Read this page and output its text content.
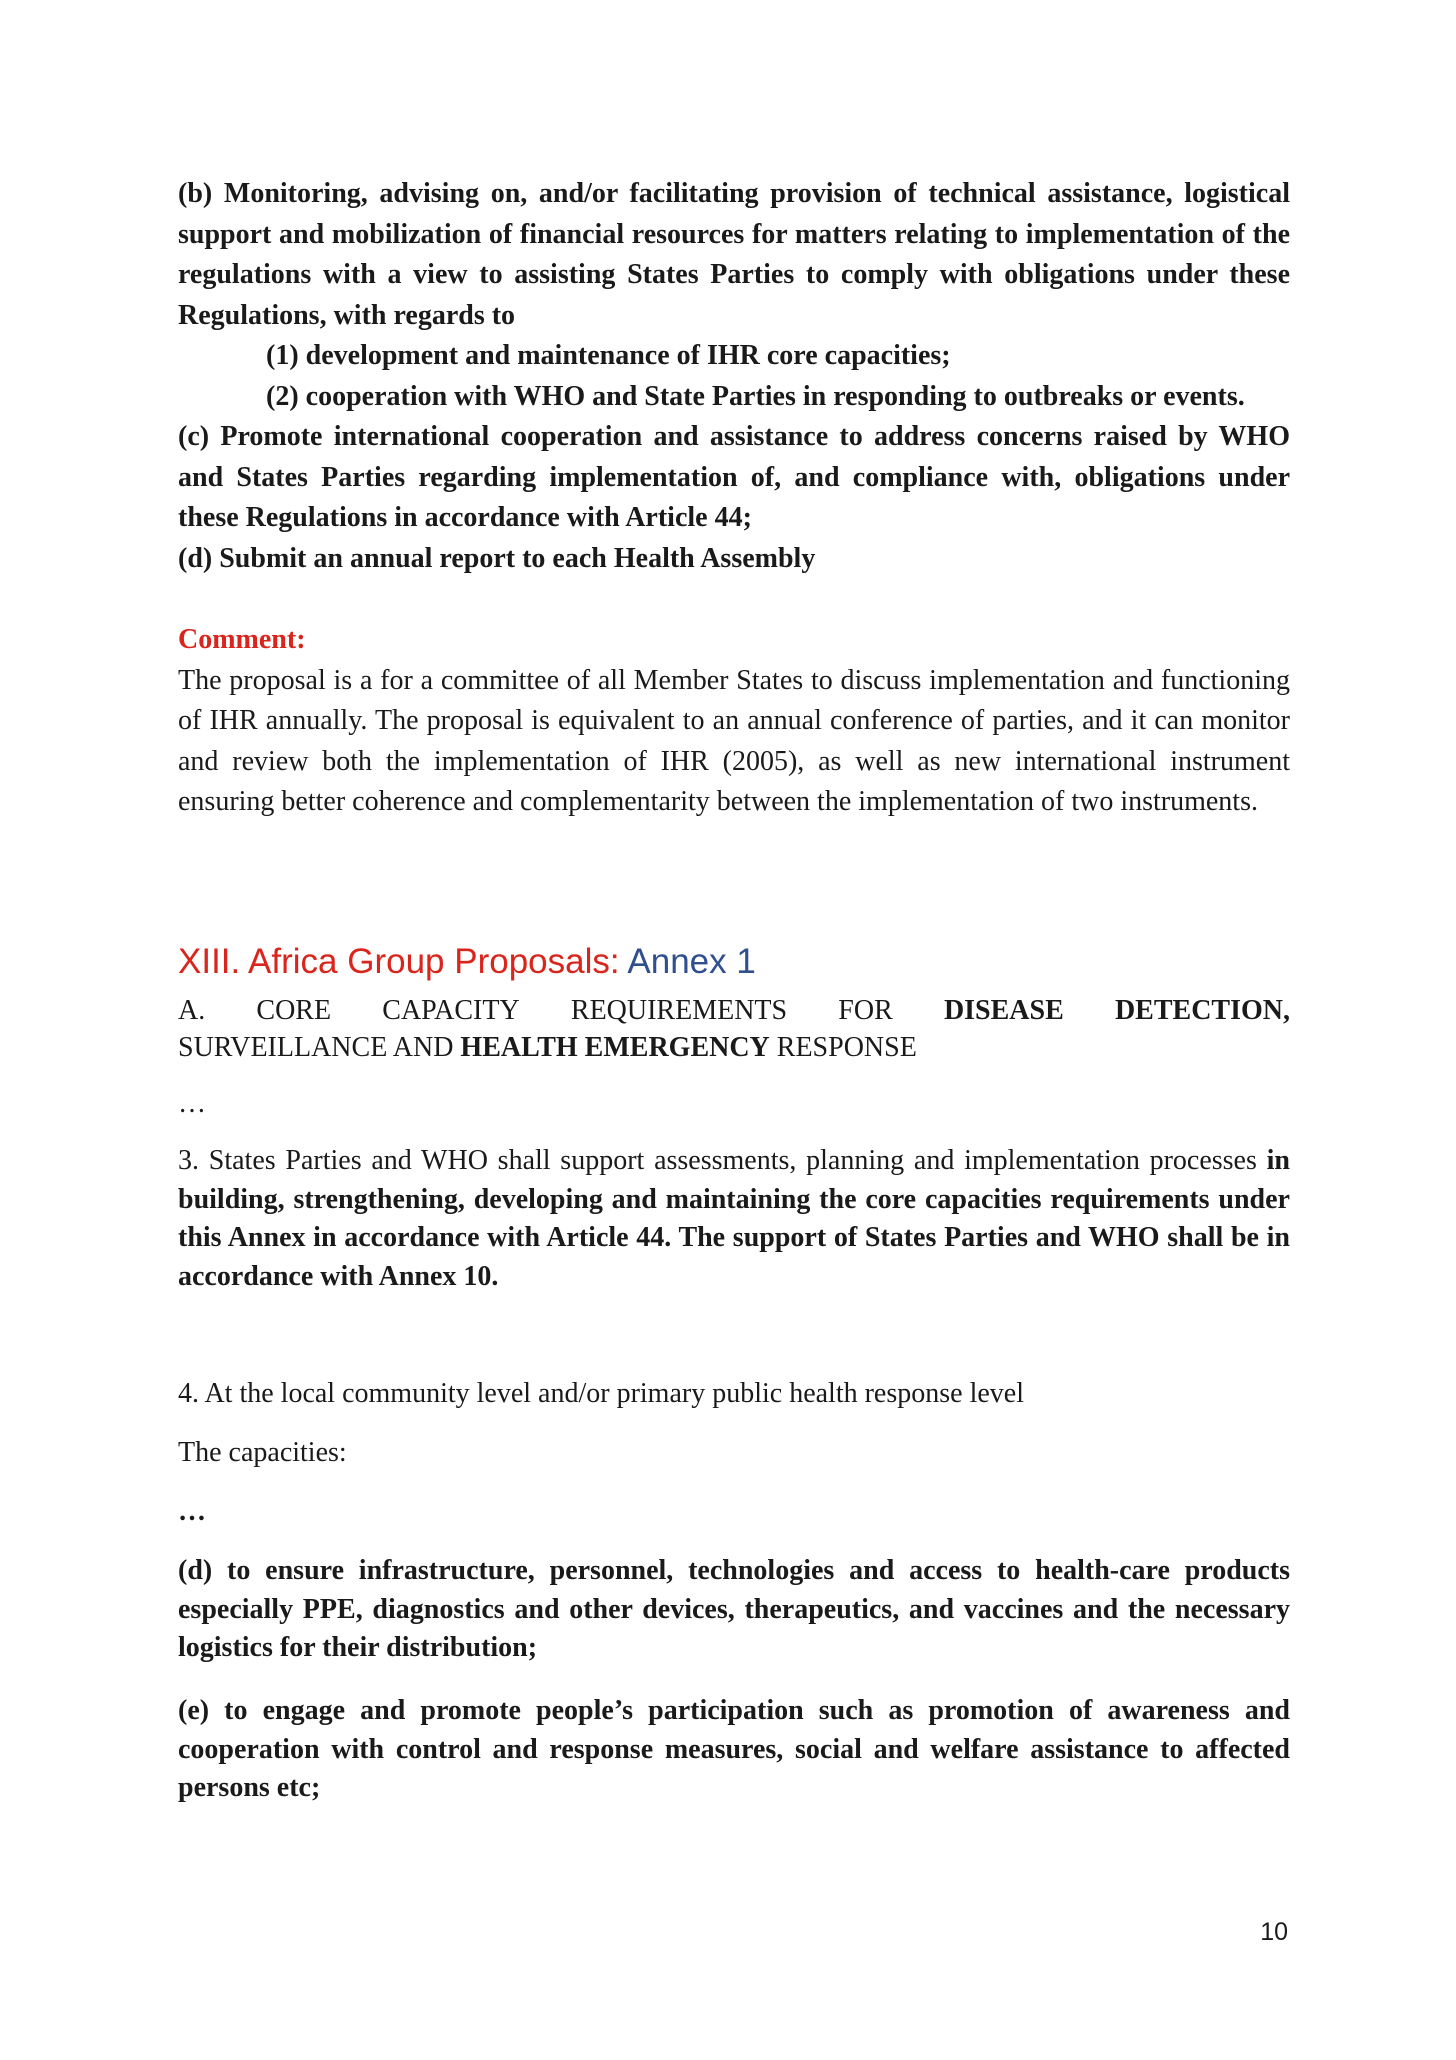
(b) Monitoring, advising on, and/or facilitating provision of technical assistance, logistical support and mobilization of financial resources for matters relating to implementation of the regulations with a view to assisting States Parties to comply with obligations under these Regulations, with regards to
(1) development and maintenance of IHR core capacities;
(2) cooperation with WHO and State Parties in responding to outbreaks or events.
(c) Promote international cooperation and assistance to address concerns raised by WHO and States Parties regarding implementation of, and compliance with, obligations under these Regulations in accordance with Article 44;
(d) Submit an annual report to each Health Assembly
Comment:
The proposal is a for a committee of all Member States to discuss implementation and functioning of IHR annually. The proposal is equivalent to an annual conference of parties, and it can monitor and review both the implementation of IHR (2005), as well as new international instrument ensuring better coherence and complementarity between the implementation of two instruments.
XIII. Africa Group Proposals: Annex 1
A. CORE CAPACITY REQUIREMENTS FOR DISEASE DETECTION,
SURVEILLANCE AND HEALTH EMERGENCY RESPONSE
…
3. States Parties and WHO shall support assessments, planning and implementation processes in building, strengthening, developing and maintaining the core capacities requirements under this Annex in accordance with Article 44. The support of States Parties and WHO shall be in accordance with Annex 10.
4. At the local community level and/or primary public health response level
The capacities:
…
(d) to ensure infrastructure, personnel, technologies and access to health-care products especially PPE, diagnostics and other devices, therapeutics, and vaccines and the necessary logistics for their distribution;
(e) to engage and promote people’s participation such as promotion of awareness and cooperation with control and response measures, social and welfare assistance to affected persons etc;
10
